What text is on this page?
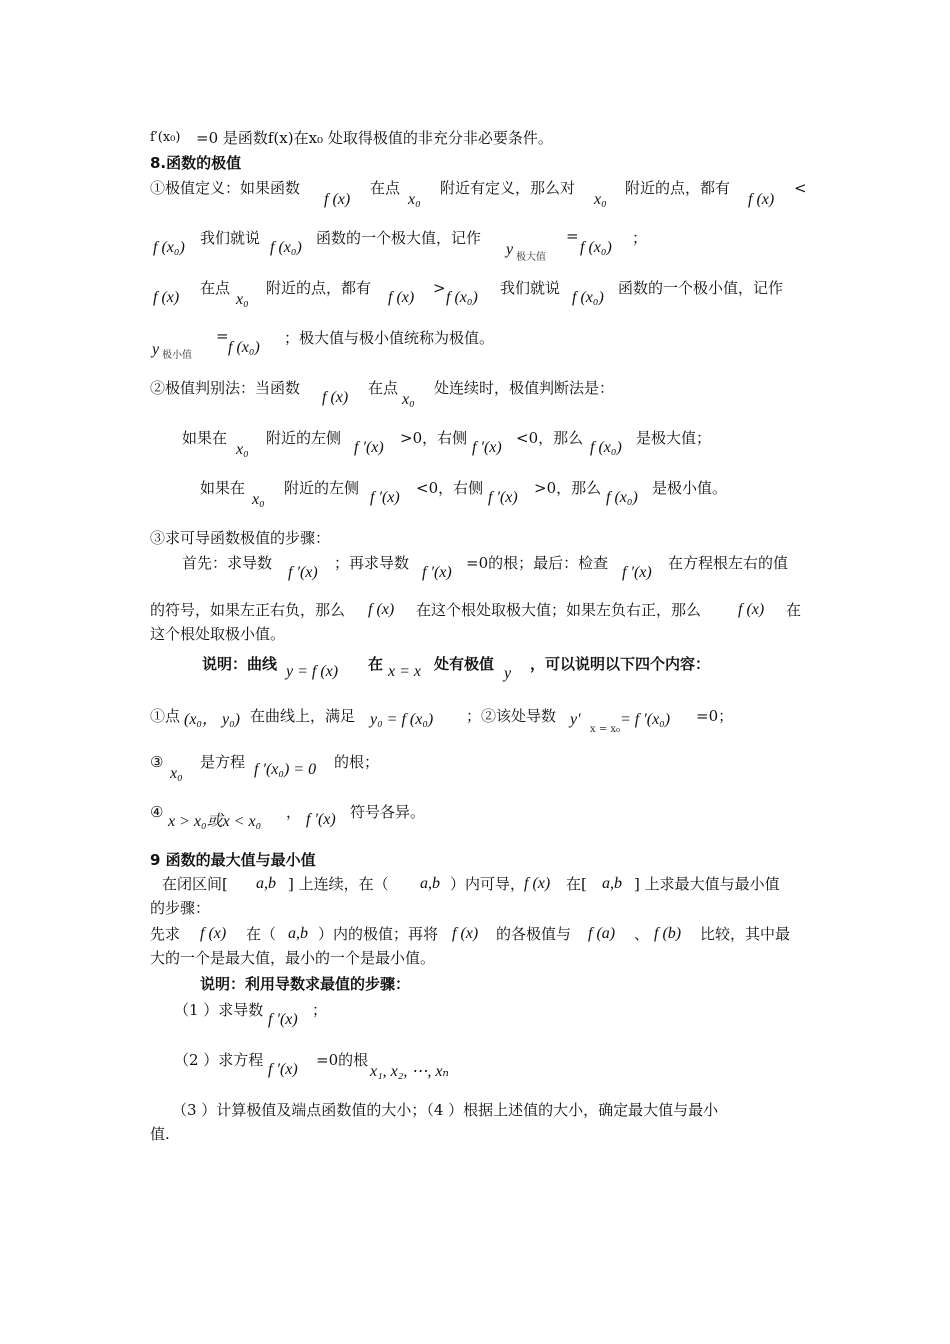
f′(x₀) =0 是函数f(x)在x₀ 处取得极值的非充分非必要条件。
8.函数的极值
①极值定义：如果函数
f (x)
在点
x₀
附近有定义，那么对
x₀
附近的点，都有
f (x)
<
f (x₀)
我们就说
f (x₀)
函数的一个极大值，记作
y 极大值
=
f (x₀)
；
f (x)
在点
x₀
附近的点，都有
f (x)
>
f (x₀)
我们就说
f (x₀)
函数的一个极小值，记作
y 极小值
=
f (x₀)
；极大值与极小值统称为极值。
②极值判别法：当函数
f (x)
在点
x₀
处连续时，极值判断法是：
如果在
x₀
附近的左侧
f ′(x)
>0，右侧
f ′(x)
<0，那么
f (x₀)
是极大值；
如果在
x₀
附近的左侧
f ′(x)
<0，右侧
f ′(x)
>0，那么
f (x₀)
是极小值。
③求可导函数极值的步骤：
首先：求导数
f ′(x)
；再求导数
f ′(x)
=0的根；最后：检查
f ′(x)
在方程根左右的值
的符号，如果左正右负，那么 f (x) 在这个根处取极大值；如果左负右正，那么 f (x) 在
这个根处取极小值。
说明：曲线 y = f (x) 在 x = x 处有极值
y
，可以说明以下四个内容：
①点 (x₀， y₀) 在曲线上，满足 y₀ = f (x₀) ；②该处导数 y′
x = x₀
= f ′(x₀) =0；
③
x₀
是方程 f ′(x₀) = 0 的根；
④
x > x₀或x < x₀
， f ′(x) 符号各异。
9 函数的最大值与最小值
在闭区间[ a,b ] 上连续，在（ a,b ）内可导，
f (x) 在[ a,b ] 上求最大值与最小值
的步骤：
先求 f (x) 在（ a,b ）内的极值；再将 f (x) 的各极值与 f (a) 、 f (b) 比较，其中最
大的一个是最大值，最小的一个是最小值。
说明：利用导数求最值的步骤：
（1 ）求导数
f ′(x)
；
（2 ）求方程
f ′(x)
=0的根
x₁, x₂, ⋯, xₙ
（3 ）计算极值及端点函数值的大小；（4 ）根据上述值的大小，确定最大值与最小
值.
